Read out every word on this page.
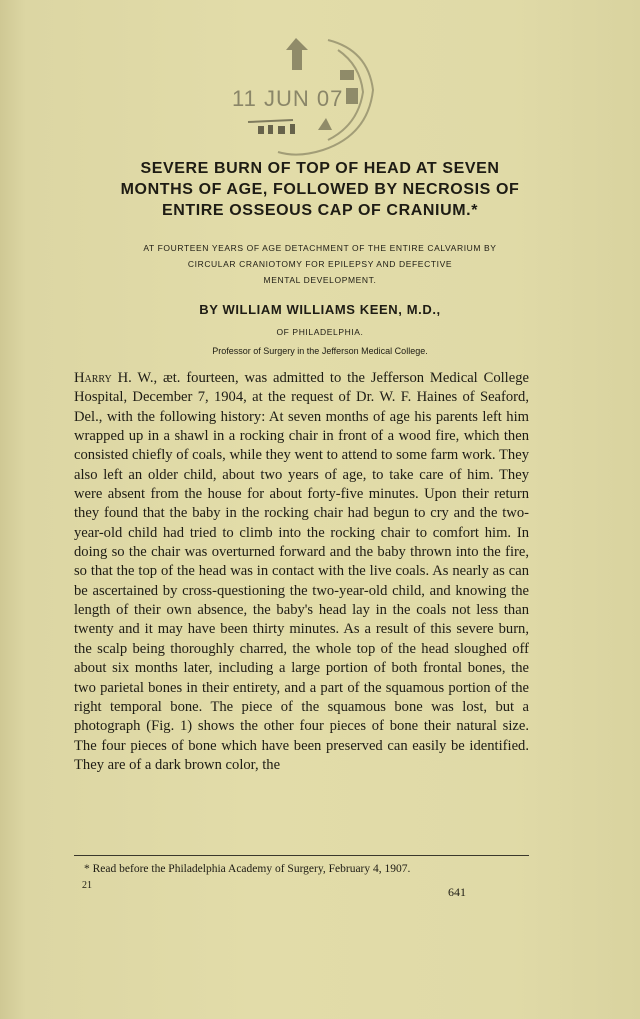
11 JUN 07
SEVERE BURN OF TOP OF HEAD AT SEVEN
MONTHS OF AGE, FOLLOWED BY NECROSIS OF
ENTIRE OSSEOUS CAP OF CRANIUM.*
AT FOURTEEN YEARS OF AGE DETACHMENT OF THE ENTIRE CALVARIUM BY
CIRCULAR CRANIOTOMY FOR EPILEPSY AND DEFECTIVE
MENTAL DEVELOPMENT.
BY WILLIAM WILLIAMS KEEN, M.D.,
OF PHILADELPHIA.
Professor of Surgery in the Jefferson Medical College.
Harry H. W., æt. fourteen, was admitted to the Jefferson Medical College Hospital, December 7, 1904, at the request of Dr. W. F. Haines of Seaford, Del., with the following history: At seven months of age his parents left him wrapped up in a shawl in a rocking chair in front of a wood fire, which then consisted chiefly of coals, while they went to attend to some farm work. They also left an older child, about two years of age, to take care of him. They were absent from the house for about forty-five minutes. Upon their return they found that the baby in the rocking chair had begun to cry and the two-year-old child had tried to climb into the rocking chair to comfort him. In doing so the chair was overturned forward and the baby thrown into the fire, so that the top of the head was in contact with the live coals. As nearly as can be ascertained by cross-questioning the two-year-old child, and knowing the length of their own absence, the baby's head lay in the coals not less than twenty and it may have been thirty minutes. As a result of this severe burn, the scalp being thoroughly charred, the whole top of the head sloughed off about six months later, including a large portion of both frontal bones, the two parietal bones in their entirety, and a part of the squamous portion of the right temporal bone. The piece of the squamous bone was lost, but a photograph (Fig. 1) shows the other four pieces of bone their natural size. The four pieces of bone which have been preserved can easily be identified. They are of a dark brown color, the
* Read before the Philadelphia Academy of Surgery, February 4, 1907.
21	641
